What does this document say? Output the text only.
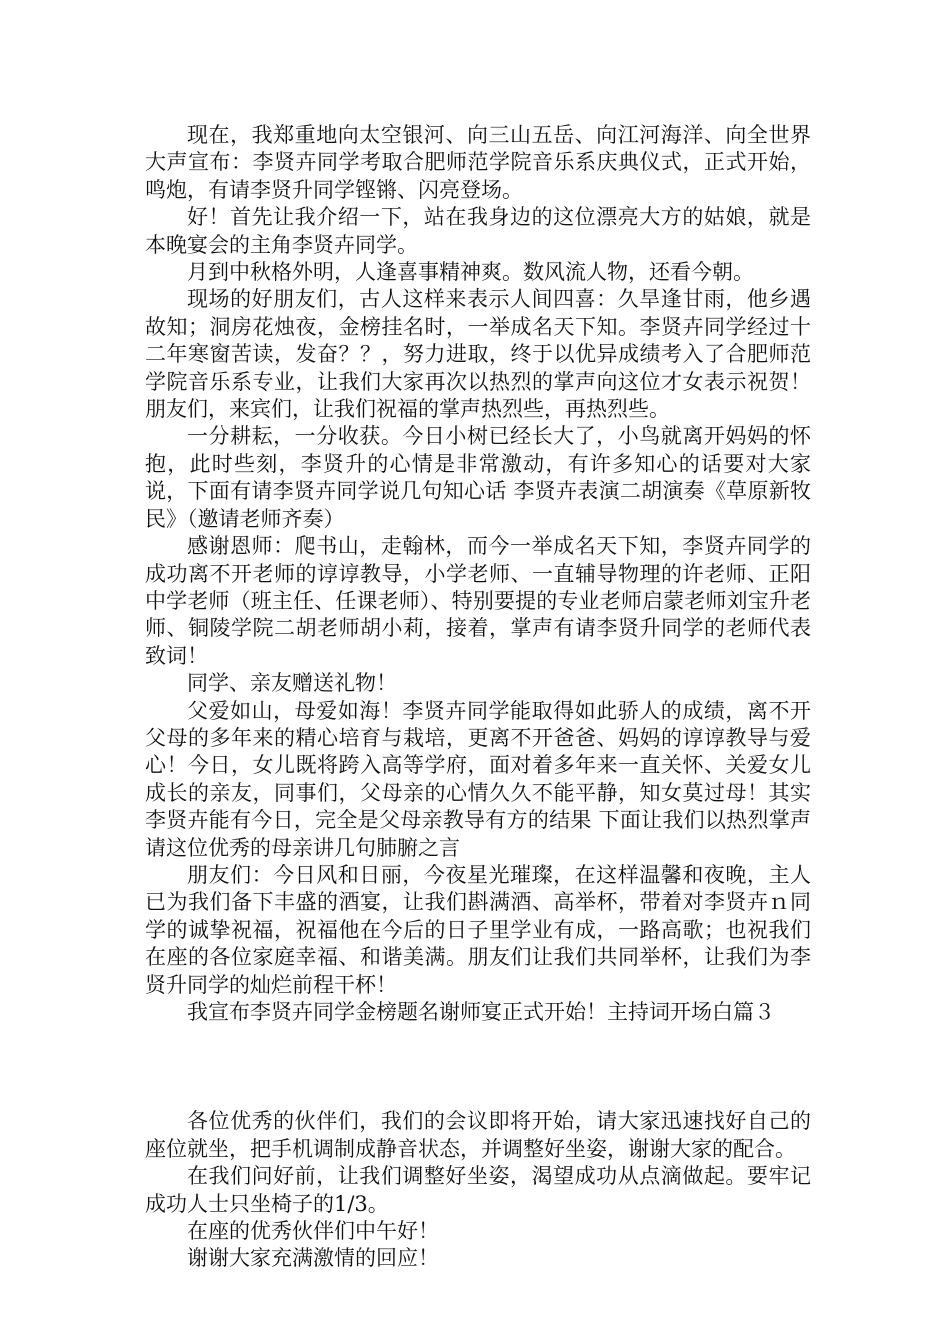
现在，我郑重地向太空银河、向三山五岳、向江河海洋、向全世界大声宣布：李贤卉同学考取合肥师范学院音乐系庆典仪式，正式开始，鸣炮，有请李贤升同学铿锵、闪亮登场。

好！首先让我介绍一下，站在我身边的这位漂亮大方的姑娘，就是本晚宴会的主角李贤卉同学。

月到中秋格外明，人逢喜事精神爽。数风流人物，还看今朝。

现场的好朋友们，古人这样来表示人间四喜：久旱逢甘雨，他乡遇故知；洞房花烛夜，金榜挂名时，一举成名天下知。李贤卉同学经过十二年寒窗苦读，发奋？？，努力进取，终于以优异成绩考入了合肥师范学院音乐系专业，让我们大家再次以热烈的掌声向这位才女表示祝贺！朋友们，来宾们，让我们祝福的掌声热烈些，再热烈些。

一分耕耘，一分收获。今日小树已经长大了，小鸟就离开妈妈的怀抱，此时些刻，李贤升的心情是非常激动，有许多知心的话要对大家说，下面有请李贤卉同学说几句知心话 李贤卉表演二胡演奏《草原新牧民》（邀请老师齐奏）

感谢恩师：爬书山，走翰林，而今一举成名天下知，李贤卉同学的成功离不开老师的谆谆教导，小学老师、一直辅导物理的许老师、正阳中学老师（班主任、任课老师）、特别要提的专业老师启蒙老师刘宝升老师、铜陵学院二胡老师胡小莉，接着，掌声有请李贤升同学的老师代表 致词！

同学、亲友赠送礼物！

父爱如山，母爱如海！李贤卉同学能取得如此骄人的成绩，离不开父母的多年来的精心培育与栽培，更离不开爸爸、妈妈的谆谆教导与爱心！今日，女儿既将跨入高等学府，面对着多年来一直关怀、关爱女儿成长的亲友，同事们，父母亲的心情久久不能平静，知女莫过母！其实李贤卉能有今日，完全是父母亲教导有方的结果 下面让我们以热烈掌声请这位优秀的母亲讲几句肺腑之言

朋友们：今日风和日丽，今夜星光璀璨，在这样温馨和夜晚，主人已为我们备下丰盛的酒宴，让我们斟满酒、高举杯，带着对李贤卉ｎ同学的诚挚祝福，祝福他在今后的日子里学业有成，一路高歌；也祝我们在座的各位家庭幸福、和谐美满。朋友们让我们共同举杯，让我们为李贤升同学的灿烂前程干杯！

我宣布李贤卉同学金榜题名谢师宴正式开始！主持词开场白篇３

各位优秀的伙伴们，我们的会议即将开始，请大家迅速找好自己的座位就坐，把手机调制成静音状态，并调整好坐姿，谢谢大家的配合。

在我们问好前，让我们调整好坐姿，渴望成功从点滴做起。要牢记成功人士只坐椅子的1/3。

在座的优秀伙伴们中午好！

谢谢大家充满激情的回应！
